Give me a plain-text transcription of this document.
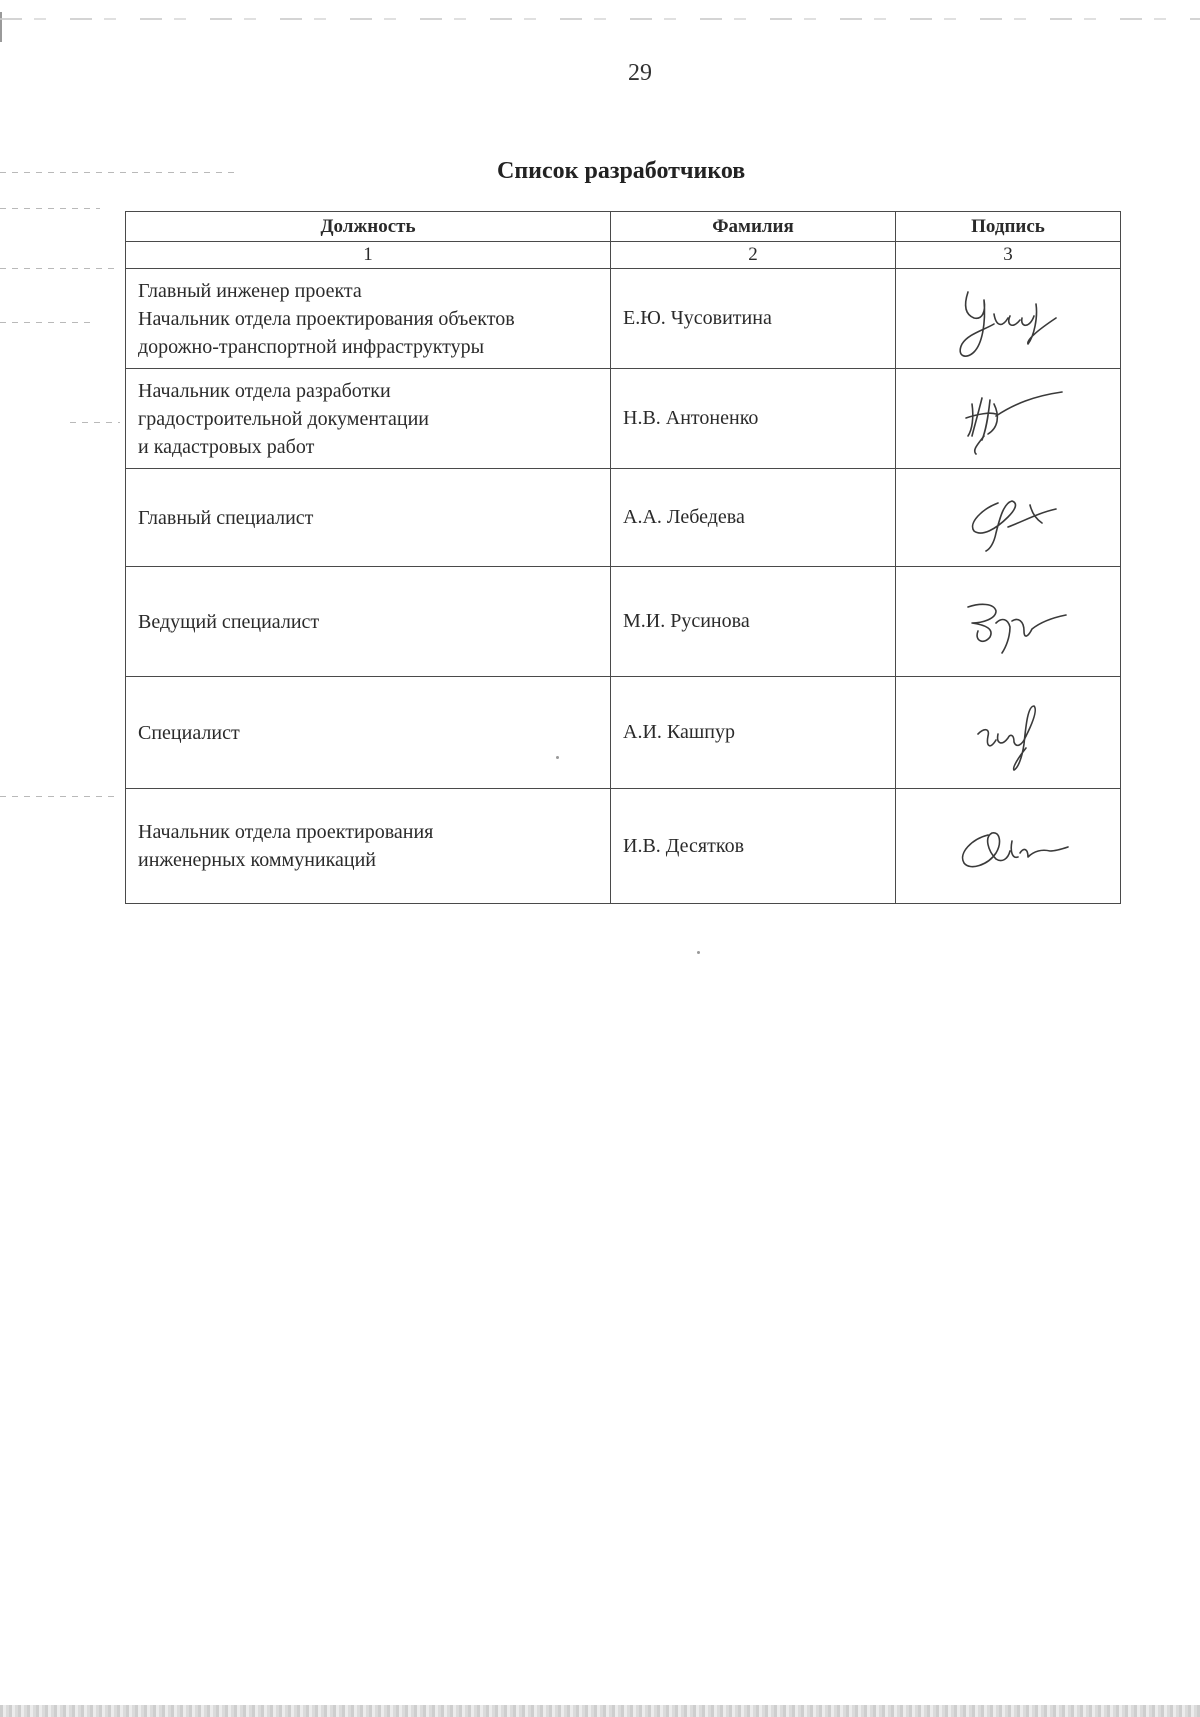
29
Список разработчиков
Должность	Фамилия	Подпись
1	2	3
Главный инженер проекта
Начальник отдела проектирования объектов
дорожно-транспортной инфраструктуры	Е.Ю. Чусовитина	

Начальник отдела разработки
градостроительной документации
и кадастровых работ	Н.В. Антоненко	

Главный специалист	А.А. Лебедева	

Ведущий специалист	М.И. Русинова	

Специалист	А.И. Кашпур	

Начальник отдела проектирования
инженерных коммуникаций	И.В. Десятков	
